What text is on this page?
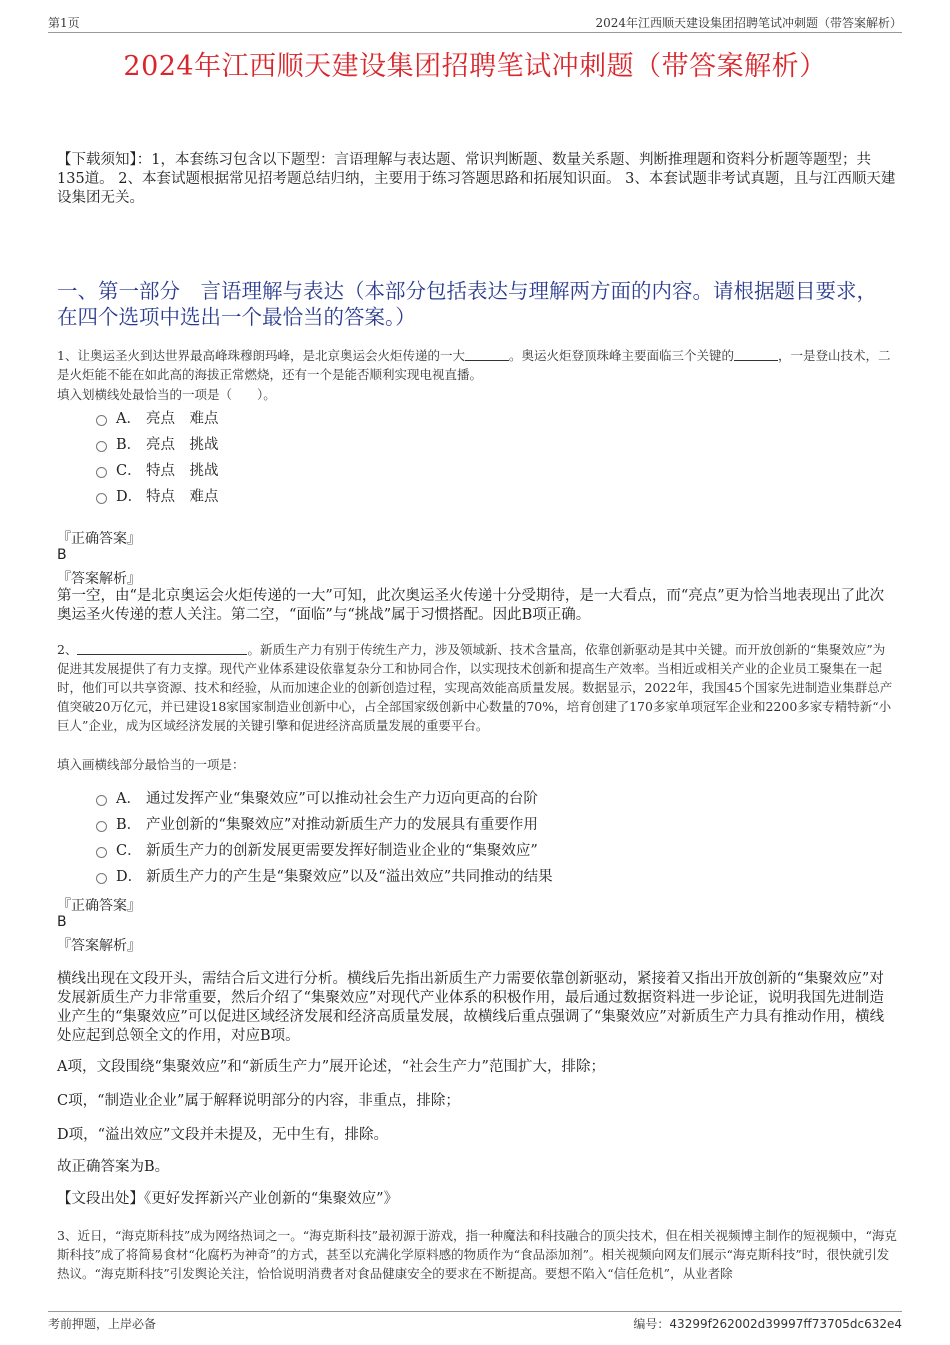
第1页	2024年江西顺天建设集团招聘笔试冲刺题（带答案解析）
2024年江西顺天建设集团招聘笔试冲刺题（带答案解析）
【下载须知】：1，本套练习包含以下题型：言语理解与表达题、常识判断题、数量关系题、判断推理题和资料分析题等题型；共135道。 2、本套试题根据常见招考题总结归纳，主要用于练习答题思路和拓展知识面。 3、本套试题非考试真题，且与江西顺天建设集团无关。
一、第一部分　言语理解与表达（本部分包括表达与理解两方面的内容。请根据题目要求，在四个选项中选出一个最恰当的答案。）
1、让奥运圣火到达世界最高峰珠穆朗玛峰，是北京奥运会火炬传递的一大	。奥运火炬登顶珠峰主要面临三个关键的	，一是登山技术，二是火炬能不能在如此高的海拔正常燃烧，还有一个是能否顺利实现电视直播。
填入划横线处最恰当的一项是（　　）。
A． 亮点　难点
B． 亮点　挑战
C． 特点　挑战
D． 特点　难点
『正确答案』
B
『答案解析』
第一空，由“是北京奥运会火炬传递的一大”可知，此次奥运圣火传递十分受期待，是一大看点，而“亮点”更为恰当地表现出了此次奥运圣火传递的惹人关注。第二空，“面临”与“挑战”属于习惯搭配。因此B项正确。
2、	。新质生产力有别于传统生产力，涉及领域新、技术含量高，依靠创新驱动是其中关键。而开放创新的“集聚效应”为促进其发展提供了有力支撑。现代产业体系建设依靠复杂分工和协同合作，以实现技术创新和提高生产效率。当相近或相关产业的企业员工聚集在一起时，他们可以共享资源、技术和经验，从而加速企业的创新创造过程，实现高效能高质量发展。数据显示，2022年，我国45个国家先进制造业集群总产值突破20万亿元，并已建设18家国家制造业创新中心，占全部国家级创新中心数量的70%，培育创建了170多家单项冠军企业和2200多家专精特新“小巨人”企业，成为区域经济发展的关键引擎和促进经济高质量发展的重要平台。
填入画横线部分最恰当的一项是：
A． 通过发挥产业“集聚效应”可以推动社会生产力迈向更高的台阶
B． 产业创新的“集聚效应”对推动新质生产力的发展具有重要作用
C． 新质生产力的创新发展更需要发挥好制造业企业的“集聚效应”
D． 新质生产力的产生是“集聚效应”以及“溢出效应”共同推动的结果
『正确答案』
B
『答案解析』
横线出现在文段开头，需结合后文进行分析。横线后先指出新质生产力需要依靠创新驱动，紧接着又指出开放创新的“集聚效应”对发展新质生产力非常重要，然后介绍了“集聚效应”对现代产业体系的积极作用，最后通过数据资料进一步论证，说明我国先进制造业产生的“集聚效应”可以促进区域经济发展和经济高质量发展，故横线后重点强调了“集聚效应”对新质生产力具有推动作用，横线处应起到总领全文的作用，对应B项。
A项，文段围绕“集聚效应”和“新质生产力”展开论述，“社会生产力”范围扩大，排除；
C项，“制造业企业”属于解释说明部分的内容，非重点，排除；
D项，“溢出效应”文段并未提及，无中生有，排除。
故正确答案为B。
【文段出处】《更好发挥新兴产业创新的“集聚效应”》
3、近日，“海克斯科技”成为网络热词之一。“海克斯科技”最初源于游戏，指一种魔法和科技融合的顶尖技术，但在相关视频博主制作的短视频中，“海克斯科技”成了将简易食材“化腐朽为神奇”的方式，甚至以充满化学原料感的物质作为“食品添加剂”。相关视频向网友们展示“海克斯科技”时，很快就引发热议。“海克斯科技”引发舆论关注，恰恰说明消费者对食品健康安全的要求在不断提高。要想不陷入“信任危机”，从业者除
考前押题，上岸必备	编号：43299f262002d39997ff73705dc632e4
